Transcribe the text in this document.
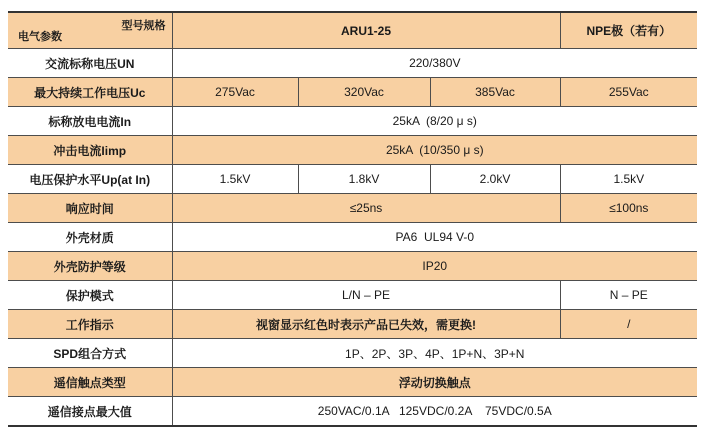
型号规格
电气参数	ARU1-25			NPE极（若有）
交流标称电压UN	220/380V			
最大持续工作电压Uc	275Vac	320Vac	385Vac	255Vac
标称放电电流In	25kA  (8/20 μ s)			
冲击电流Iimp	25kA  (10/350 μ s)			
电压保护水平Up(at In)	1.5kV	1.8kV	2.0kV	1.5kV
响应时间	≤25ns			≤100ns
外壳材质	PA6  UL94 V-0			
外壳防护等级	IP20			
保护模式	L/N – PE			N – PE
工作指示	视窗显示红色时表示产品已失效，需更换!			/
SPD组合方式	1P、2P、3P、4P、1P+N、3P+N			
遥信触点类型	浮动切换触点			
遥信接点最大值	250VAC/0.1A   125VDC/0.2A    75VDC/0.5A			
